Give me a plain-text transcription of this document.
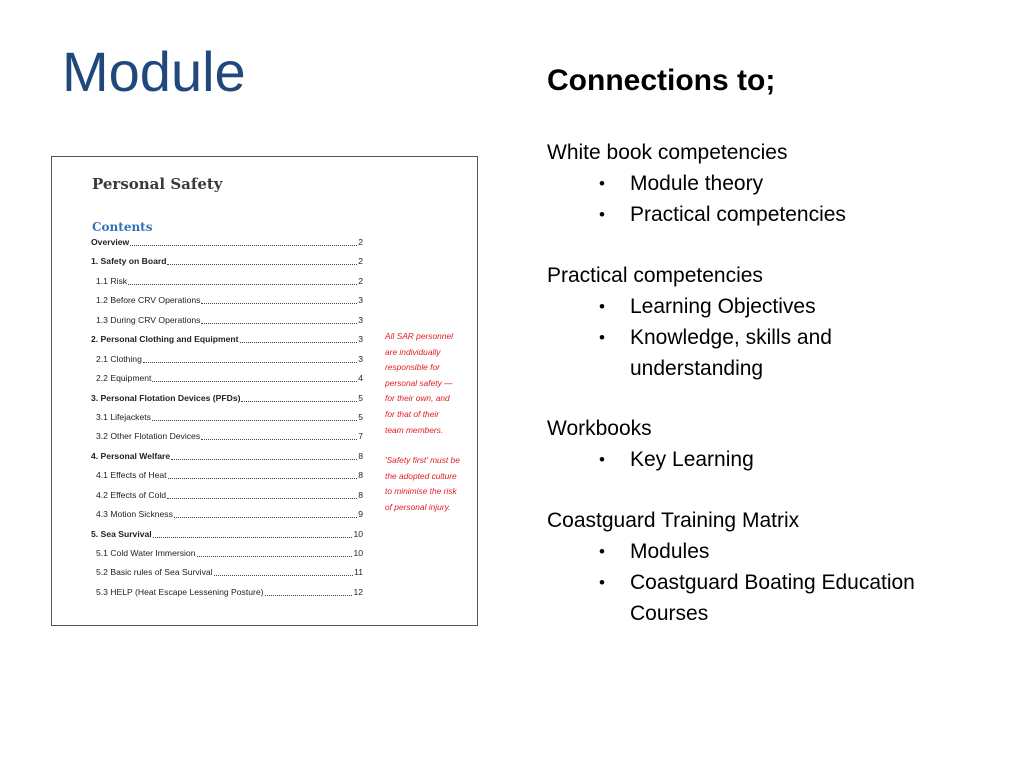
Module
Personal Safety
Contents
Overview	2
1. Safety on Board	2
1.1 Risk	2
1.2 Before CRV Operations	3
1.3 During CRV Operations	3
2. Personal Clothing and Equipment	3
2.1 Clothing	3
2.2 Equipment	4
3. Personal Flotation Devices (PFDs)	5
3.1 Lifejackets	5
3.2 Other Flotation Devices	7
4. Personal Welfare	8
4.1 Effects of Heat	8
4.2 Effects of Cold	8
4.3 Motion Sickness	9
5. Sea Survival	10
5.1 Cold Water Immersion	10
5.2 Basic rules of Sea Survival	11
5.3 HELP (Heat Escape Lessening Posture)	12
All SAR personnel
are individually
responsible for
personal safety —
for their own, and
for that of their
team members.
'Safety first' must be
the adopted culture
to minimise the risk
of personal injury.
Connections to;
White book competencies
• Module theory
• Practical competencies
Practical competencies
• Learning Objectives
• Knowledge, skills and understanding
Workbooks
• Key Learning
Coastguard Training Matrix
• Modules
• Coastguard Boating Education Courses
